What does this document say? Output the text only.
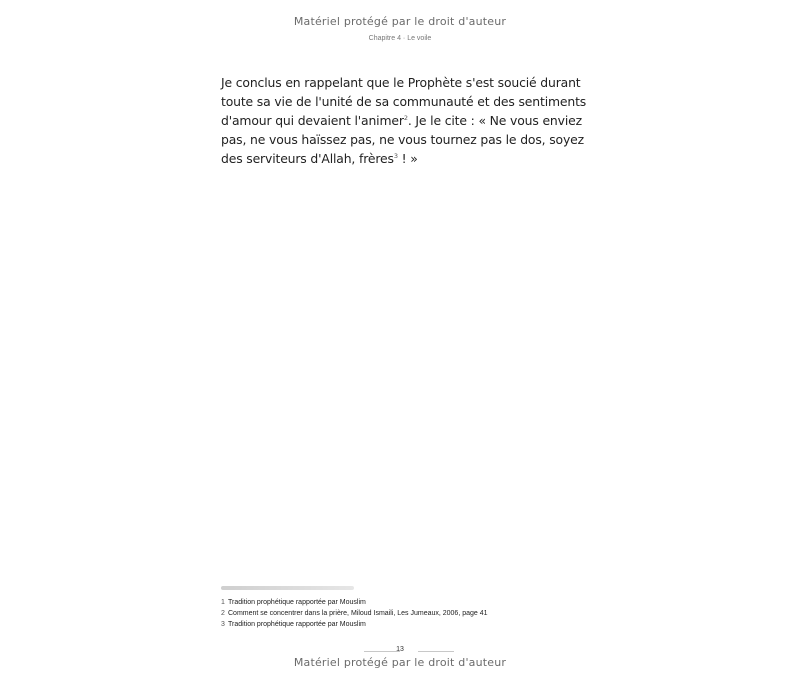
Matériel protégé par le droit d'auteur
Chapitre 4 · Le voile

Je conclus en rappelant que le Prophète s'est soucié durant toute sa vie de l'unité de sa communauté et des sentiments d'amour qui devaient l'animer$^2$. Je le cite : « Ne vous enviez pas, ne vous haïssez pas, ne vous tournez pas le dos, soyez des serviteurs d'Allah, frères$^3$ ! »

1 Tradition prophétique rapportée par Mouslim
2 Comment se concentrer dans la prière, Miloud Ismaili, Les Jumeaux, 2006, page 41
3 Tradition prophétique rapportée par Mouslim
13
Matériel protégé par le droit d'auteur
